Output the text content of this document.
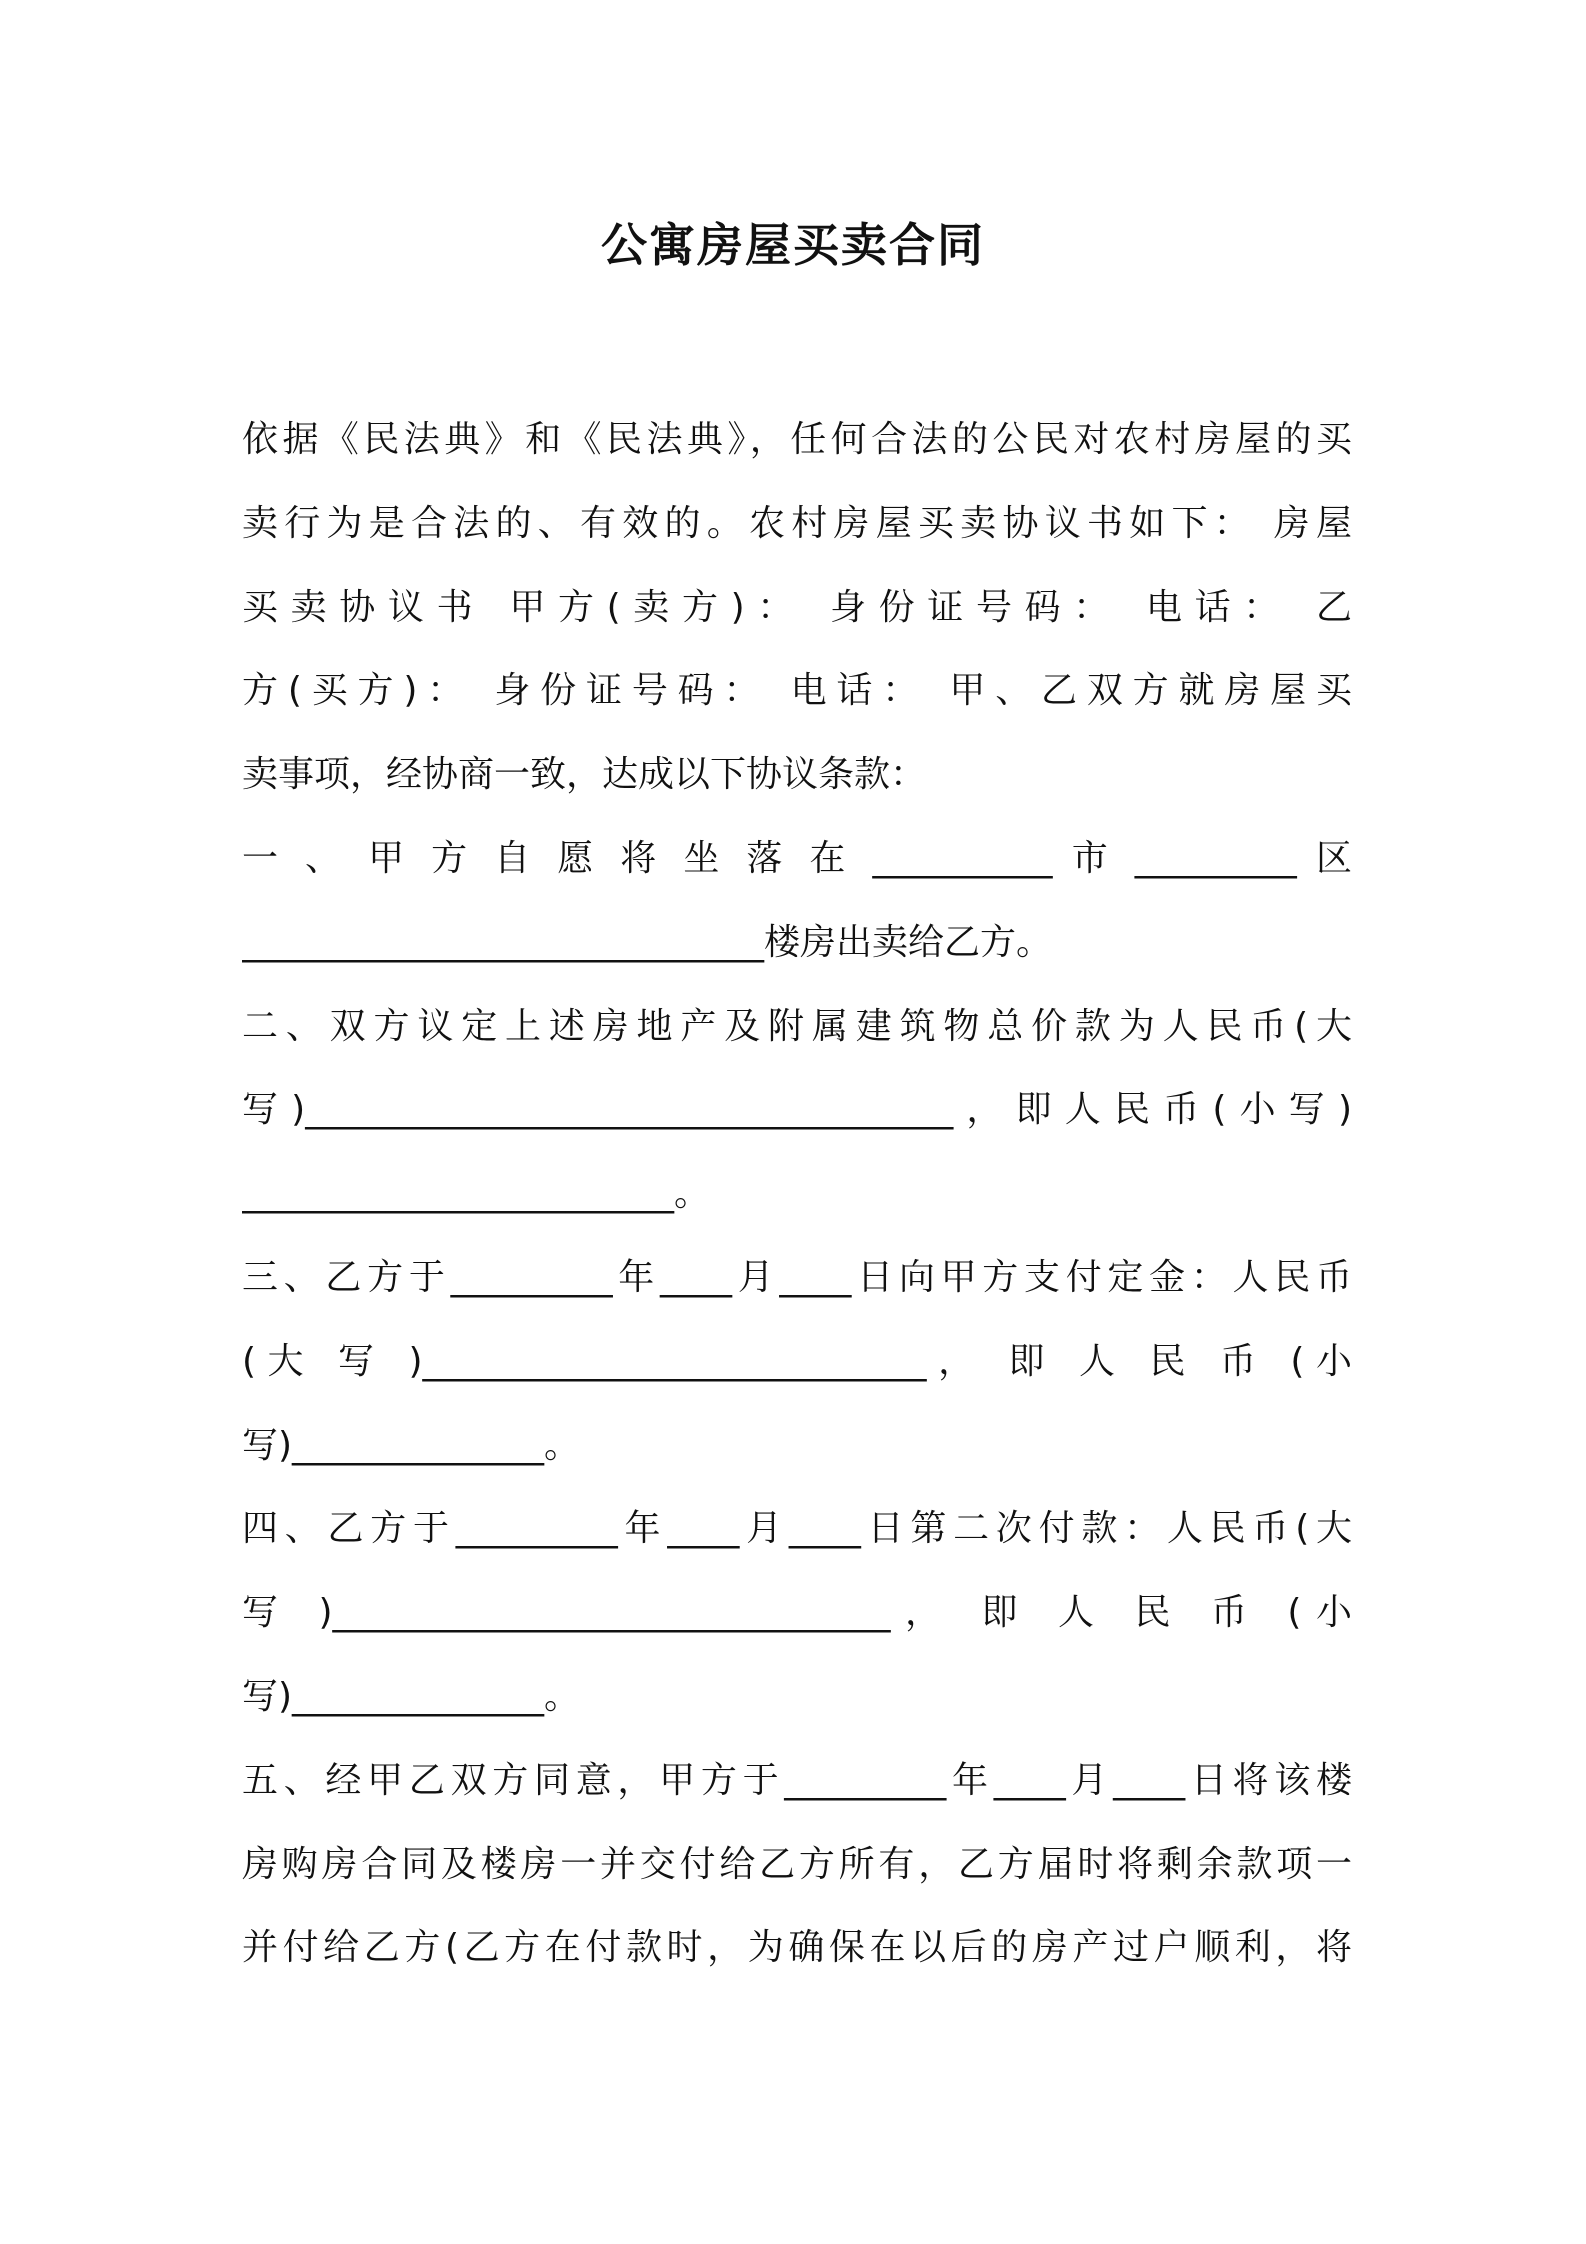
公寓房屋买卖合同
依据《民法典》和《民法典》，任何合法的公民对农村房屋的买
卖行为是合法的、有效的。农村房屋买卖协议书如下： 房屋
买卖协议书 甲方(卖方)： 身份证号码： 电话： 乙
方(买方)： 身份证号码： 电话： 甲、乙双方就房屋买
卖事项，经协商一致，达成以下协议条款：
一 、 甲 方 自 愿 将 坐 落 在 __________ 市 _________ 区
_____________________________楼房出卖给乙方。
二、双方议定上述房地产及附属建筑物总价款为人民币(大
写)____________________________________，即人民币(小写)
________________________。
三、乙方于_________年____月____日向甲方支付定金：人民币
(大 写 )____________________________， 即 人 民 币 (小
写)______________。
四、乙方于_________年____月____日第二次付款：人民币(大
写 )_______________________________， 即 人 民 币 (小
写)______________。
五、经甲乙双方同意，甲方于_________年____月____日将该楼
房购房合同及楼房一并交付给乙方所有，乙方届时将剩余款项一
并付给乙方(乙方在付款时，为确保在以后的房产过户顺利，将
